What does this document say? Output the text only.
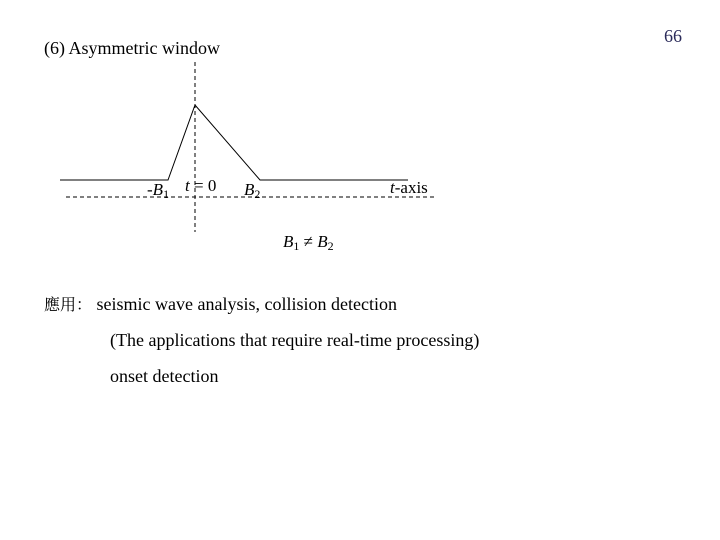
66
(6) Asymmetric window
$-B_1$ t = 0 $B_2$	t-axis
$B_1 \ne B_2$
應用： seismic wave analysis, collision detection
(The applications that require real-time processing)
onset detection
